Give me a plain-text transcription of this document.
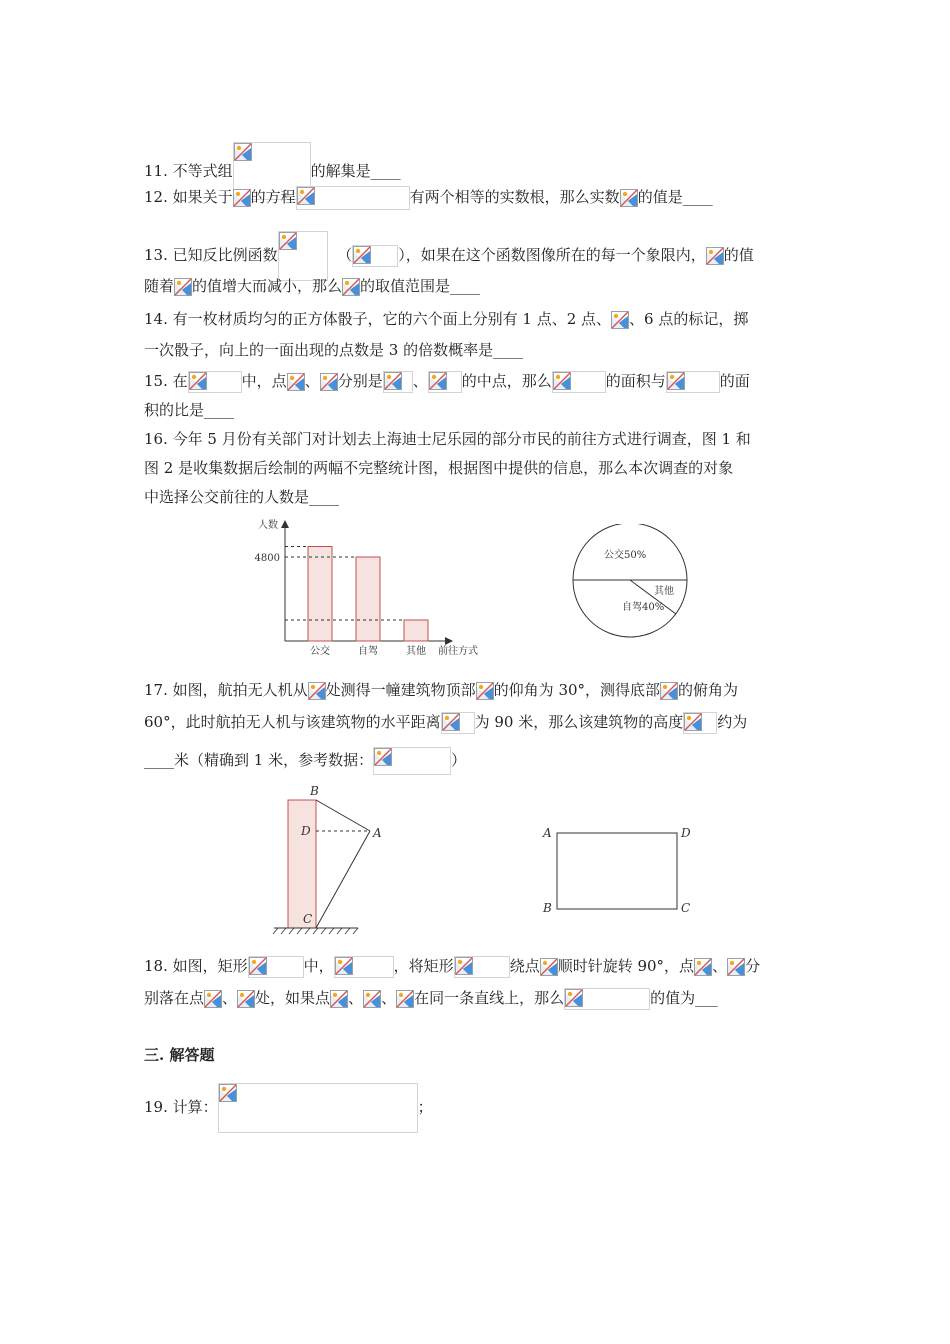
11. 不等式组	的解集是____
12. 如果关于 的方程	有两个相等的实数根，那么实数 的值是____
13. 已知反比例函数	（	），如果在这个函数图像所在的每一个象限内， 的值
随着 的值增大而减小，那么 的取值范围是____
14. 有一枚材质均匀的正方体骰子，它的六个面上分别有 1 点、2 点、 、6 点的标记，掷
一次骰子，向上的一面出现的点数是 3 的倍数概率是____
15. 在	中，点 、 分别是 、 的中点，那么	的面积与	的面
积的比是____
16. 今年 5 月份有关部门对计划去上海迪士尼乐园的部分市民的前往方式进行调查，图 1 和
图 2 是收集数据后绘制的两幅不完整统计图，根据图中提供的信息，那么本次调查的对象
中选择公交前往的人数是____
人数
前往方式
公交	自驾	其他
4800	公交50%
自驾40%
其他
17. 如图，航拍无人机从 处测得一幢建筑物顶部 的仰角为 30°，测得底部 的俯角为
60°，此时航拍无人机与该建筑物的水平距离 为 90 米，那么该建筑物的高度 约为
____米（精确到 1 米，参考数据：	）
B
D	A
C
A	D
B	C
18. 如图，矩形	中，	，将矩形	绕点 顺时针旋转 90°，点 、 分
别落在点 、 处，如果点 、 、 在同一条直线上，那么	的值为___
三. 解答题
19. 计算：	；
